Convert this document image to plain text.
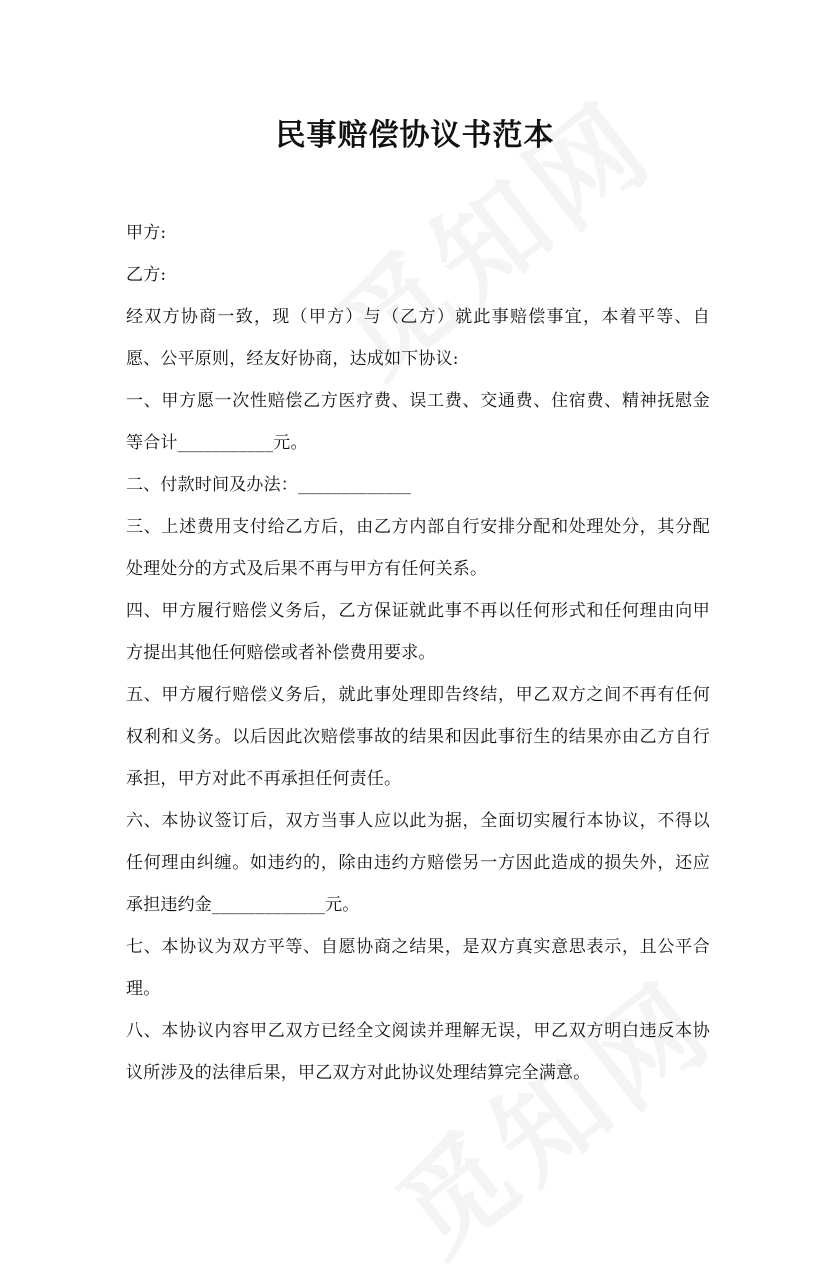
民事赔偿协议书范本

甲方:

乙方:

经双方协商一致，现（甲方）与（乙方）就此事赔偿事宜，本着平等、自愿、公平原则，经友好协商，达成如下协议:

一、甲方愿一次性赔偿乙方医疗费、误工费、交通费、住宿费、精神抚慰金等合计___________元。

二、付款时间及办法：_____________

三、上述费用支付给乙方后，由乙方内部自行安排分配和处理处分，其分配处理处分的方式及后果不再与甲方有任何关系。

四、甲方履行赔偿义务后，乙方保证就此事不再以任何形式和任何理由向甲方提出其他任何赔偿或者补偿费用要求。

五、甲方履行赔偿义务后，就此事处理即告终结，甲乙双方之间不再有任何权利和义务。以后因此次赔偿事故的结果和因此事衍生的结果亦由乙方自行承担，甲方对此不再承担任何责任。

六、本协议签订后，双方当事人应以此为据，全面切实履行本协议，不得以任何理由纠缠。如违约的，除由违约方赔偿另一方因此造成的损失外，还应承担违约金_____________元。

七、本协议为双方平等、自愿协商之结果，是双方真实意思表示，且公平合理。

八、本协议内容甲乙双方已经全文阅读并理解无误，甲乙双方明白违反本协议所涉及的法律后果，甲乙双方对此协议处理结算完全满意。
